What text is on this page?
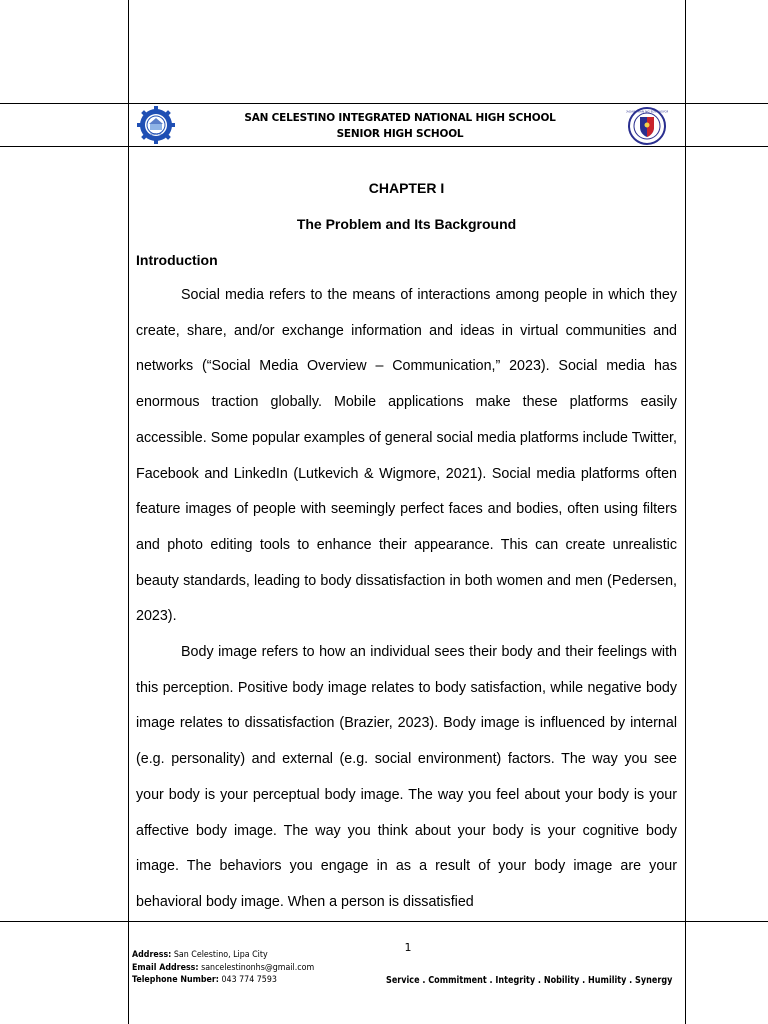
SCINHS
KAGAWARAN NG EDUKASYON
SAN CELESTINO INTEGRATED NATIONAL HIGH SCHOOL
SENIOR HIGH SCHOOL

CHAPTER I

The Problem and Its Background

Introduction

Social media refers to the means of interactions among people in which they create, share, and/or exchange information and ideas in virtual communities and networks (“Social Media Overview – Communication,” 2023). Social media has enormous traction globally. Mobile applications make these platforms easily accessible. Some popular examples of general social media platforms include Twitter, Facebook and LinkedIn (Lutkevich & Wigmore, 2021). Social media platforms often feature images of people with seemingly perfect faces and bodies, often using filters and photo editing tools to enhance their appearance. This can create unrealistic beauty standards, leading to body dissatisfaction in both women and men (Pedersen, 2023).

Body image refers to how an individual sees their body and their feelings with this perception. Positive body image relates to body satisfaction, while negative body image relates to dissatisfaction (Brazier, 2023). Body image is influenced by internal (e.g. personality) and external (e.g. social environment) factors. The way you see your body is your perceptual body image. The way you feel about your body is your affective body image. The way you think about your body is your cognitive body image. The behaviors you engage in as a result of your body image are your behavioral body image. When a person is dissatisfied

Address: San Celestino, Lipa City
Email Address: sancelestinonhs@gmail.com
Telephone Number: 043 774 7593
1
Service . Commitment . Integrity . Nobility . Humility . Synergy
